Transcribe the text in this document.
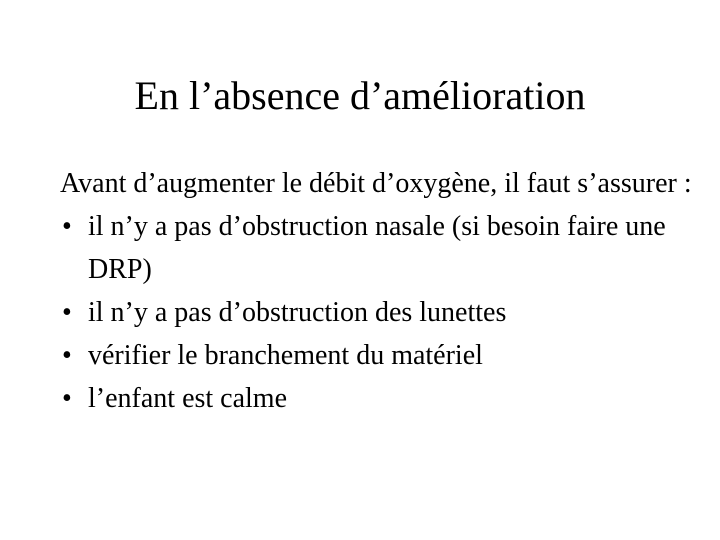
En l’absence d’amélioration

Avant d’augmenter le débit d’oxygène, il faut s’assurer :

• il n’y a pas d’obstruction nasale (si besoin faire une DRP)
• il n’y a pas d’obstruction des lunettes
• vérifier le branchement du matériel
• l’enfant est calme
